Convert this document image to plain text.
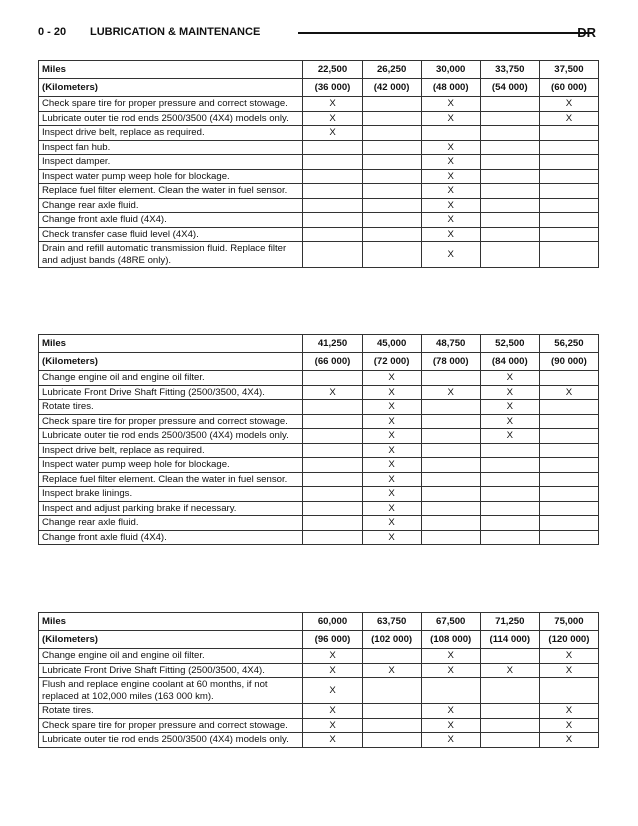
0 - 20 LUBRICATION & MAINTENANCE	DR
Miles	22,500	26,250	30,000	33,750	37,500
(Kilometers)	(36 000)	(42 000)	(48 000)	(54 000)	(60 000)
Check spare tire for proper pressure and correct stowage.	X		X		X
Lubricate outer tie rod ends 2500/3500 (4X4) models only.	X		X		X
Inspect drive belt, replace as required.	X				
Inspect fan hub.			X		
Inspect damper.			X		
Inspect water pump weep hole for blockage.			X		
Replace fuel filter element. Clean the water in fuel sensor.			X		
Change rear axle fluid.			X		
Change front axle fluid (4X4).			X		
Check transfer case fluid level (4X4).			X		
Drain and refill automatic transmission fluid. Replace filter and adjust bands (48RE only).			X		
Miles	41,250	45,000	48,750	52,500	56,250
(Kilometers)	(66 000)	(72 000)	(78 000)	(84 000)	(90 000)
Change engine oil and engine oil filter.		X		X	
Lubricate Front Drive Shaft Fitting (2500/3500, 4X4).	X	X	X	X	X
Rotate tires.		X		X	
Check spare tire for proper pressure and correct stowage.		X		X	
Lubricate outer tie rod ends 2500/3500 (4X4) models only.		X		X	
Inspect drive belt, replace as required.		X			
Inspect water pump weep hole for blockage.		X			
Replace fuel filter element. Clean the water in fuel sensor.		X			
Inspect brake linings.		X			
Inspect and adjust parking brake if necessary.		X			
Change rear axle fluid.		X			
Change front axle fluid (4X4).		X			
Miles	60,000	63,750	67,500	71,250	75,000
(Kilometers)	(96 000)	(102 000)	(108 000)	(114 000)	(120 000)
Change engine oil and engine oil filter.	X		X		X
Lubricate Front Drive Shaft Fitting (2500/3500, 4X4).	X	X	X	X	X
Flush and replace engine coolant at 60 months, if not replaced at 102,000 miles (163 000 km).	X				
Rotate tires.	X		X		X
Check spare tire for proper pressure and correct stowage.	X		X		X
Lubricate outer tie rod ends 2500/3500 (4X4) models only.	X		X		X
